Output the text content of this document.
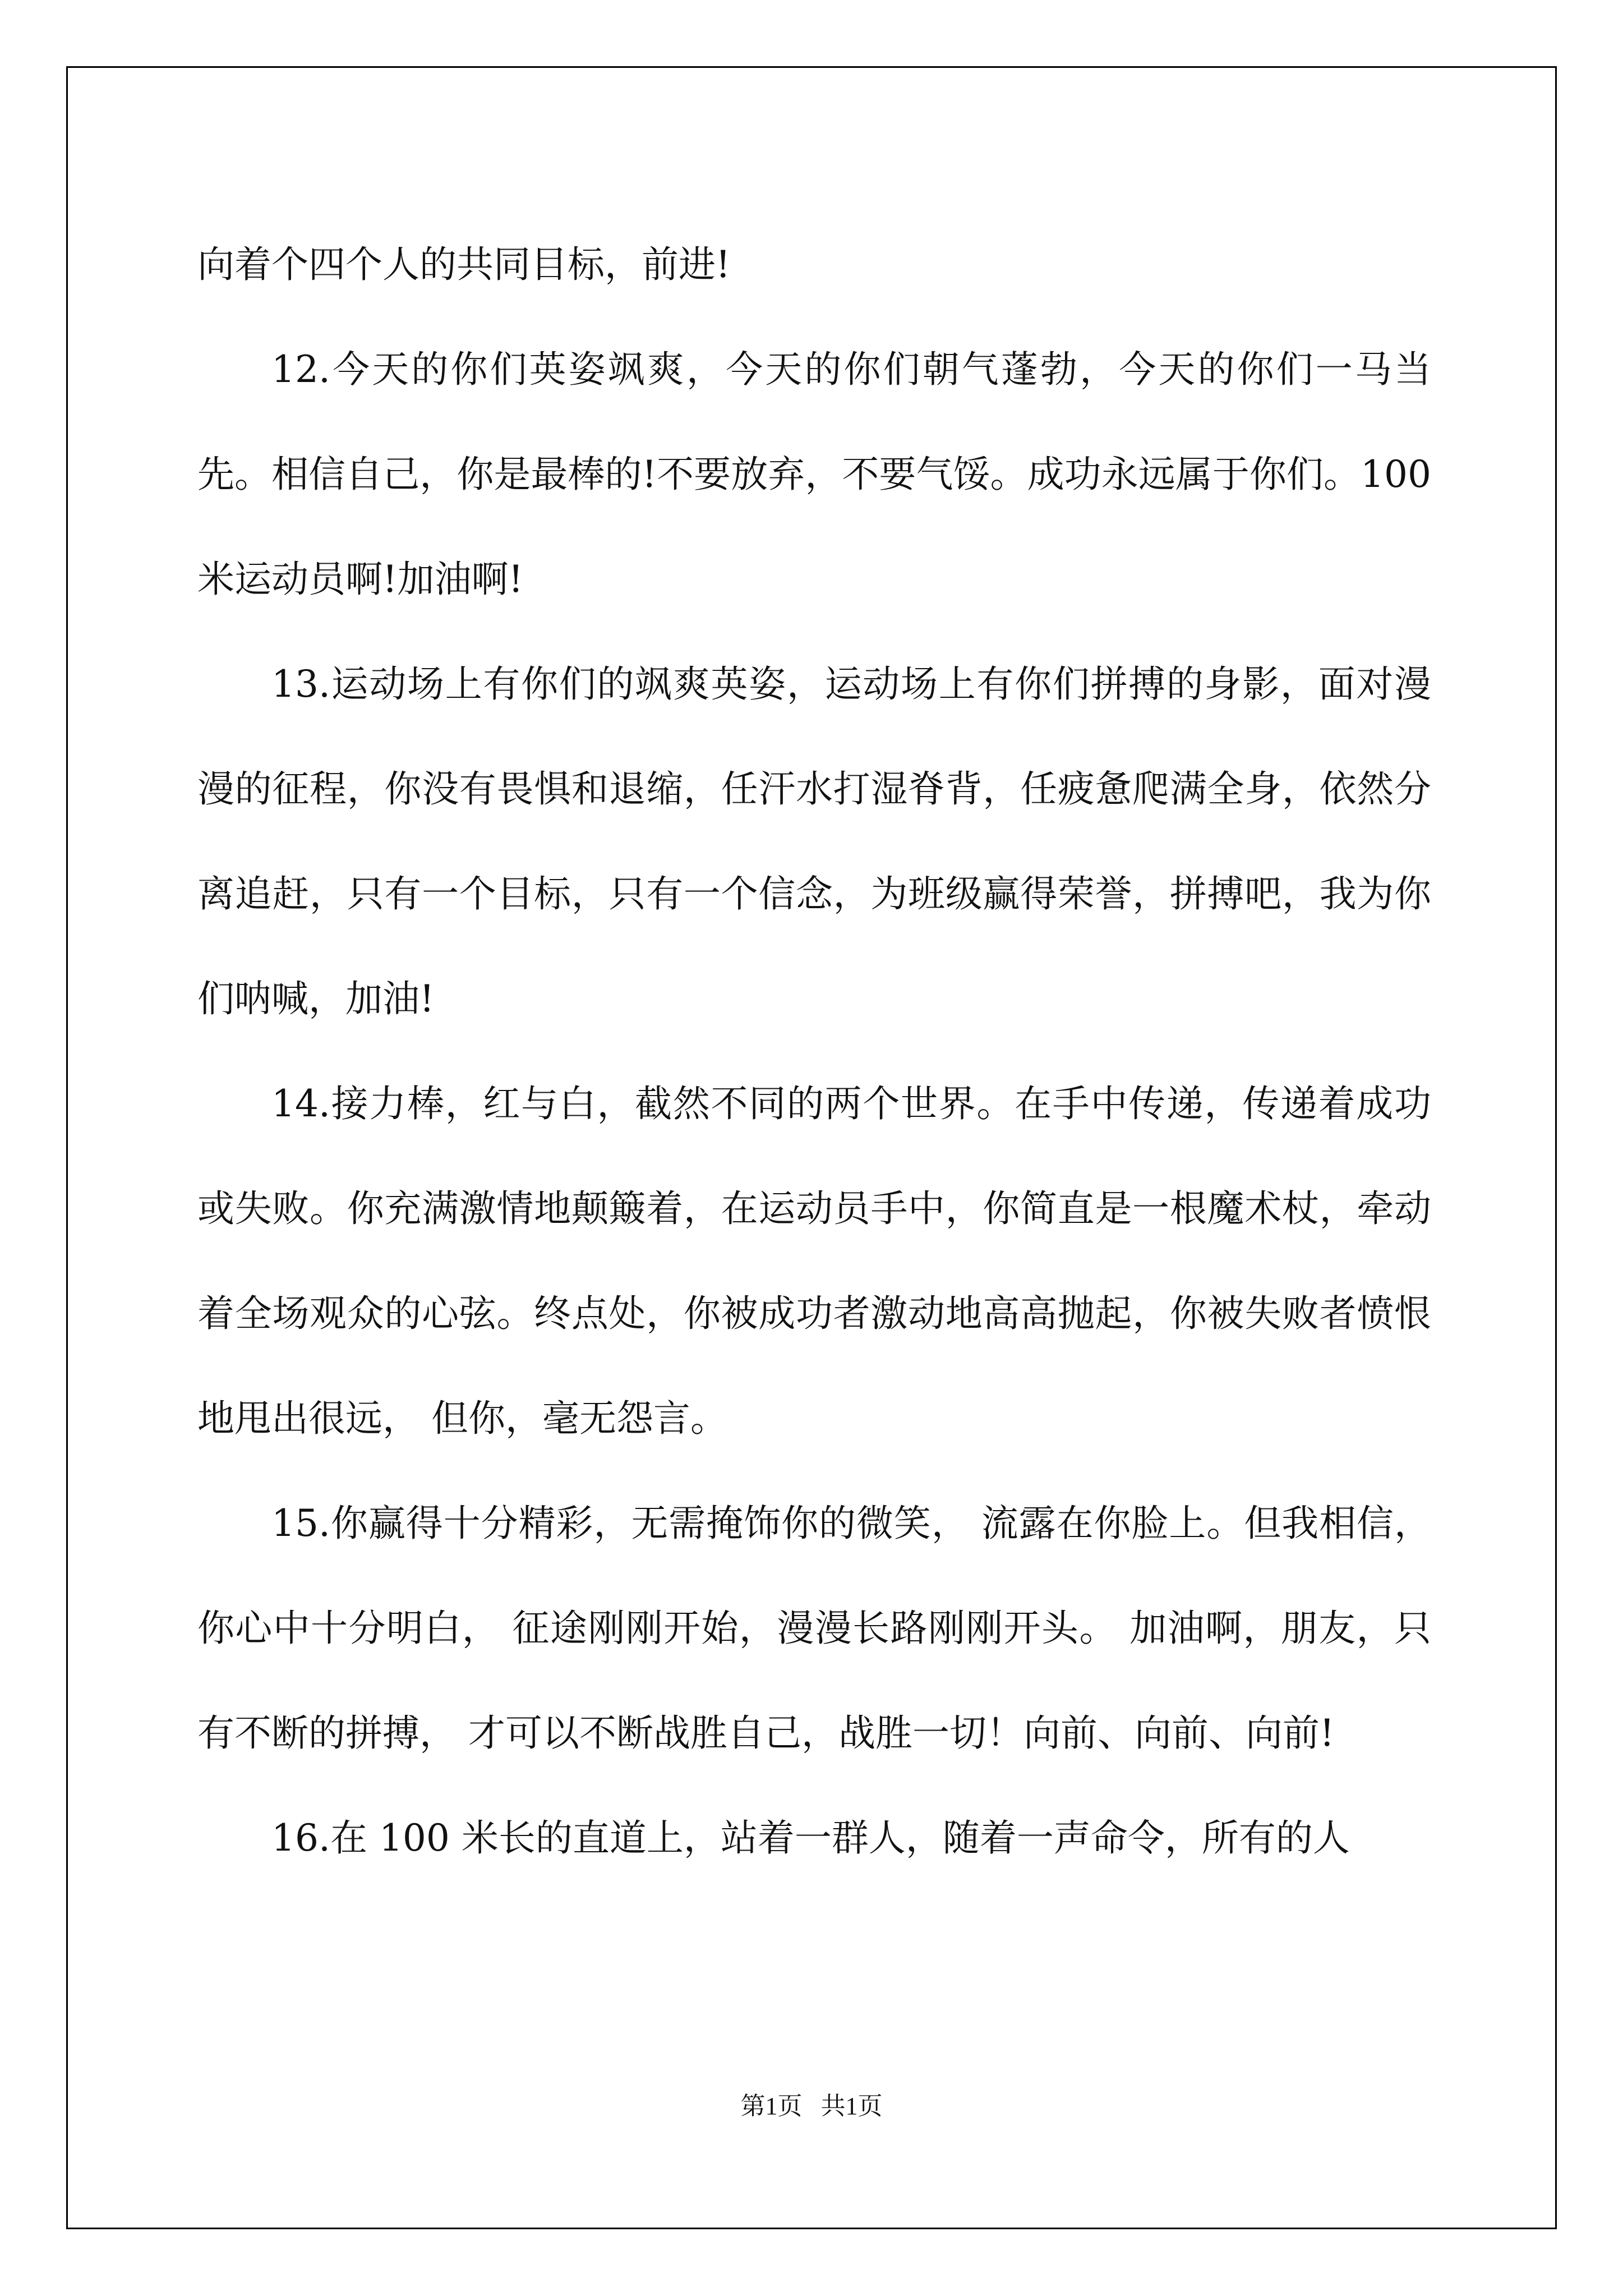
向着个四个人的共同目标，前进!

12.今天的你们英姿飒爽，今天的你们朝气蓬勃，今天的你们一马当先。相信自己，你是最棒的!不要放弃，不要气馁。成功永远属于你们。100 米运动员啊!加油啊!

13.运动场上有你们的飒爽英姿，运动场上有你们拼搏的身影，面对漫漫的征程，你没有畏惧和退缩，任汗水打湿脊背，任疲惫爬满全身，依然分离追赶，只有一个目标，只有一个信念，为班级赢得荣誉，拼搏吧，我为你们呐喊，加油!

14.接力棒，红与白，截然不同的两个世界。在手中传递，传递着成功或失败。你充满激情地颠簸着，在运动员手中，你简直是一根魔术杖，牵动着全场观众的心弦。终点处，你被成功者激动地高高抛起，你被失败者愤恨地甩出很远， 但你，毫无怨言。

15.你赢得十分精彩，无需掩饰你的微笑， 流露在你脸上。但我相信，你心中十分明白， 征途刚刚开始，漫漫长路刚刚开头。 加油啊，朋友，只有不断的拼搏， 才可以不断战胜自己，战胜一切！向前、向前、向前!

16.在 100 米长的直道上，站着一群人，随着一声命令，所有的人

第1页   共1页
